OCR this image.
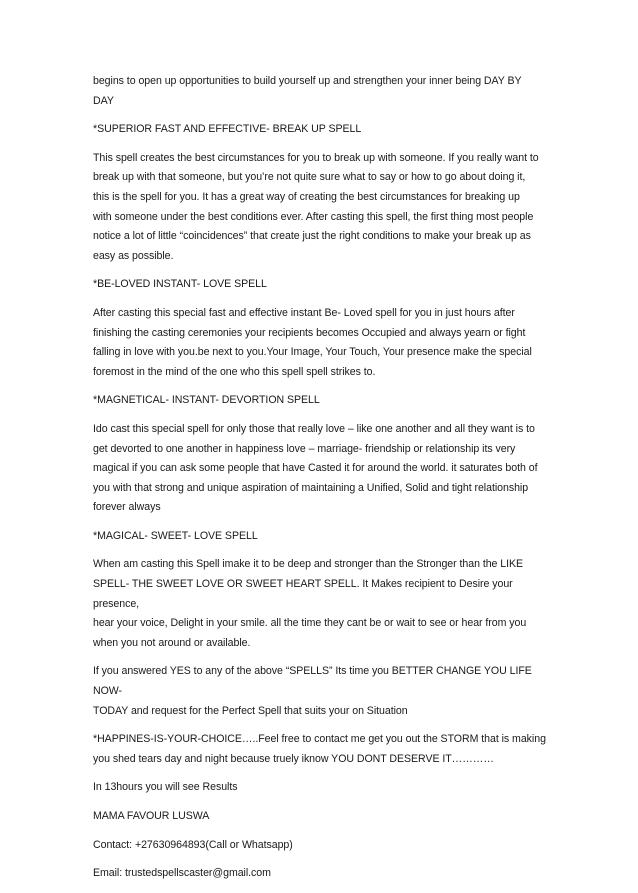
begins to open up opportunities to build yourself up and strengthen your inner being DAY BY
DAY

*SUPERIOR FAST AND EFFECTIVE- BREAK UP SPELL

This spell creates the best circumstances for you to break up with someone. If you really want to
break up with that someone, but you’re not quite sure what to say or how to go about doing it,
this is the spell for you. It has a great way of creating the best circumstances for breaking up
with someone under the best conditions ever. After casting this spell, the first thing most people
notice a lot of little “coincidences” that create just the right conditions to make your break up as
easy as possible.

*BE-LOVED INSTANT- LOVE SPELL

After casting this special fast and effective instant Be- Loved spell for you in just hours after
finishing the casting ceremonies your recipients becomes Occupied and always yearn or fight
falling in love with you.be next to you.Your Image, Your Touch, Your presence make the special
foremost in the mind of the one who this spell spell strikes to.

*MAGNETICAL- INSTANT- DEVORTION SPELL

Ido cast this special spell for only those that really love – like one another and all they want is to
get devorted to one another in happiness love – marriage- friendship or relationship its very
magical if you can ask some people that have Casted it for around the world. it saturates both of
you with that strong and unique aspiration of maintaining a Unified, Solid and tight relationship
forever always

*MAGICAL- SWEET- LOVE SPELL

When am casting this Spell imake it to be deep and stronger than the Stronger than the LIKE
SPELL- THE SWEET LOVE OR SWEET HEART SPELL. It Makes recipient to Desire your presence,
hear your voice, Delight in your smile. all the time they cant be or wait to see or hear from you
when you not around or available.

If you answered YES to any of the above “SPELLS” Its time you BETTER CHANGE YOU LIFE NOW-
TODAY and request for the Perfect Spell that suits your on Situation

*HAPPINES-IS-YOUR-CHOICE…..Feel free to contact me get you out the STORM that is making
you shed tears day and night because truely iknow YOU DONT DESERVE IT…………

In 13hours you will see Results

MAMA FAVOUR LUSWA

Contact: +27630964893(Call or Whatsapp)

Email: trustedspellscaster@gmail.com
